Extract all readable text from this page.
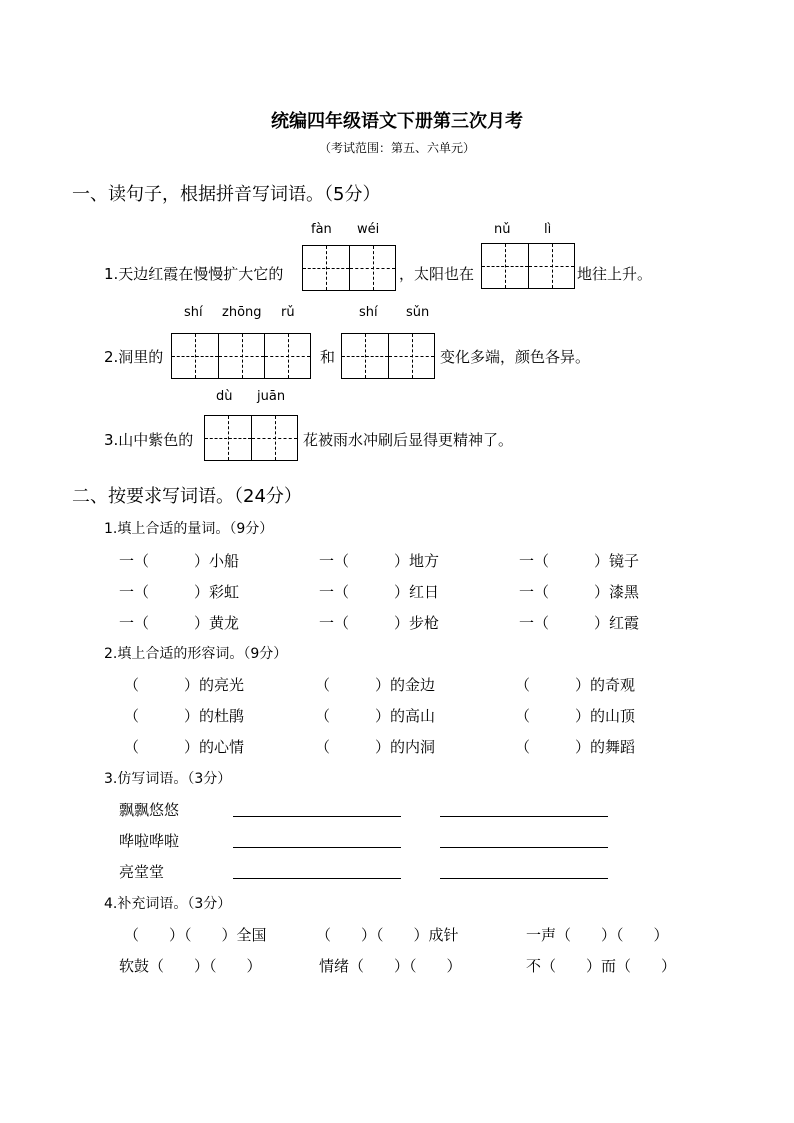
统编四年级语文下册第三次月考
（考试范围：第五、六单元）
一、读句子，根据拼音写词语。（5分）
fàn wéi	nǔ	lì
1.天边红霞在慢慢扩大它的	，太阳也在	地往上升。
shí zhōng rǔ	shí sǔn
2.洞里的	和	变化多端，颜色各异。
dù juān
3.山中紫色的	花被雨水冲刷后显得更精神了。
二、按要求写词语。（24分）
1.填上合适的量词。（9分）
一（　　　）小船	一（　　　）地方	一（　　　）镜子
一（　　　）彩虹	一（　　　）红日	一（　　　）漆黑
一（　　　）黄龙	一（　　　）步枪	一（　　　）红霞
2.填上合适的形容词。（9分）
（　　　）的亮光	（　　　）的金边	（　　　）的奇观
（　　　）的杜鹃	（　　　）的高山	（　　　）的山顶
（　　　）的心情	（　　　）的内洞	（　　　）的舞蹈
3.仿写词语。（3分）
飘飘悠悠
哗啦哗啦
亮堂堂
4.补充词语。（3分）
（　　）（　　）全国	（　　）（　　）成针	一声（　　）（　　）
软鼓（　　）（　　）	情绪（　　）（　　）	不（　　）而（　　）
